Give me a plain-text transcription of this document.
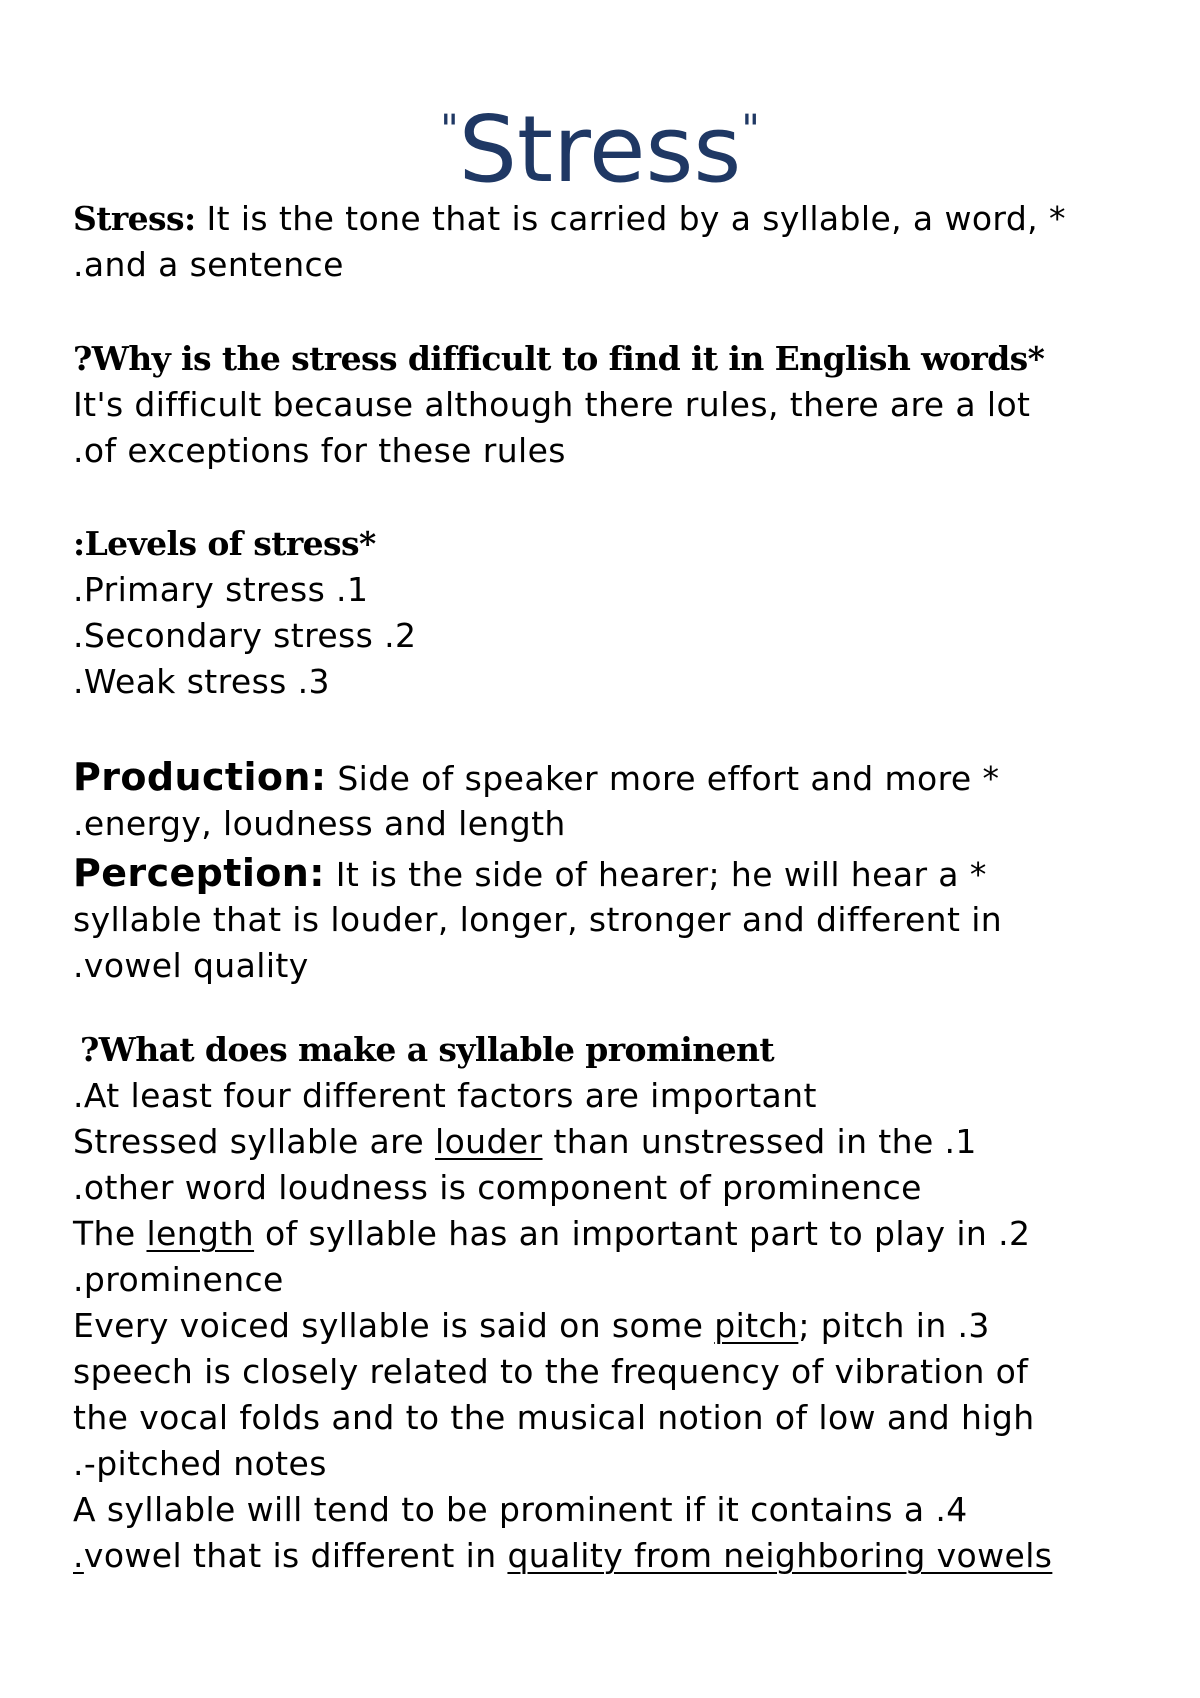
"Stress"
Stress: It is the tone that is carried by a syllable, a word, *
.and a sentence
?Why is the stress difficult to find it in English words*
It's difficult because although there rules, there are a lot
.of exceptions for these rules
:Levels of stress*
.Primary stress .1
.Secondary stress .2
.Weak stress .3
Production: Side of speaker more effort and more *
.energy, loudness and length
Perception: It is the side of hearer; he will hear a *
syllable that is louder, longer, stronger and different in
.vowel quality
?What does make a syllable prominent
.At least four different factors are important
Stressed syllable are louder than unstressed in the .1
.other word loudness is component of prominence
The length of syllable has an important part to play in .2
.prominence
Every voiced syllable is said on some pitch; pitch in .3
speech is closely related to the frequency of vibration of
the vocal folds and to the musical notion of low and high
.-pitched notes
A syllable will tend to be prominent if it contains a .4
.vowel that is different in quality from neighboring vowels
